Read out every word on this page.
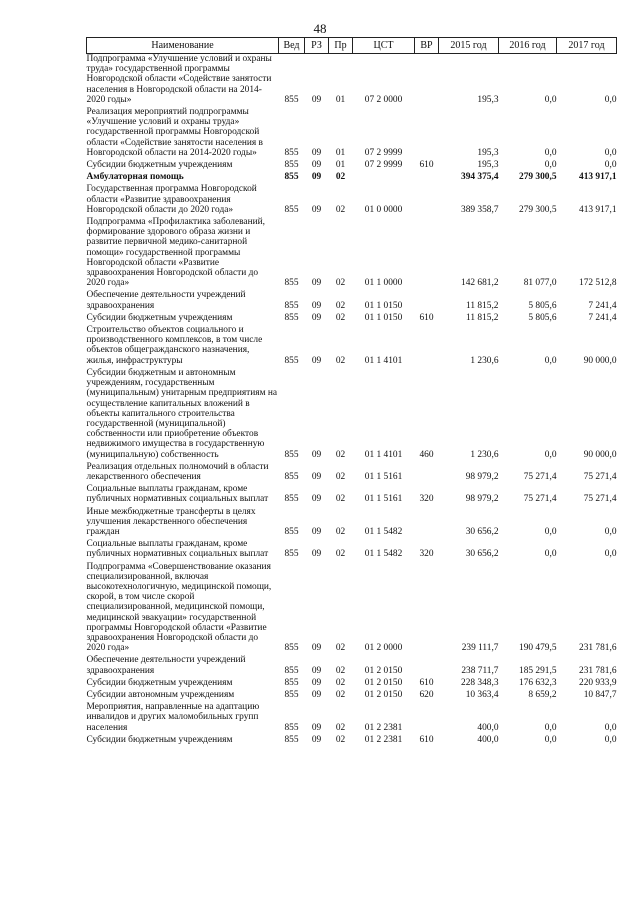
48
Наименование	Вед	РЗ	Пр	ЦСТ	ВР	2015 год	2016 год	2017 год
Подпрограмма «Улучшение условий и охраны труда» государственной программы Новгородской области «Содействие занятости населения в Новгородской области на 2014-2020 годы»	855	09	01	07 2 0000		195,3	0,0	0,0
Реализация мероприятий подпрограммы «Улучшение условий и охраны труда» государственной программы Новгородской области «Содействие занятости населения в Новгородской области на 2014-2020 годы»	855	09	01	07 2 9999		195,3	0,0	0,0
Субсидии бюджетным учреждениям	855	09	01	07 2 9999	610	195,3	0,0	0,0
Амбулаторная помощь	855	09	02			394 375,4	279 300,5	413 917,1
Государственная программа Новгородской области «Развитие здравоохранения Новгородской области до 2020 года»	855	09	02	01 0 0000		389 358,7	279 300,5	413 917,1
Подпрограмма «Профилактика заболеваний, формирование здорового образа жизни и развитие первичной медико-санитарной помощи» государственной программы Новгородской области «Развитие здравоохранения Новгородской области до 2020 года»	855	09	02	01 1 0000		142 681,2	81 077,0	172 512,8
Обеспечение деятельности учреждений здравоохранения	855	09	02	01 1 0150		11 815,2	5 805,6	7 241,4
Субсидии бюджетным учреждениям	855	09	02	01 1 0150	610	11 815,2	5 805,6	7 241,4
Строительство объектов социального и производственного комплексов, в том числе объектов общегражданского назначения, жилья, инфраструктуры	855	09	02	01 1 4101		1 230,6	0,0	90 000,0
Субсидии бюджетным и автономным учреждениям, государственным (муниципальным) унитарным предприятиям на осуществление капитальных вложений в объекты капитального строительства государственной (муниципальной) собственности или приобретение объектов недвижимого имущества в государственную (муниципальную) собственность	855	09	02	01 1 4101	460	1 230,6	0,0	90 000,0
Реализация отдельных полномочий в области лекарственного обеспечения	855	09	02	01 1 5161		98 979,2	75 271,4	75 271,4
Социальные выплаты гражданам, кроме публичных нормативных социальных выплат	855	09	02	01 1 5161	320	98 979,2	75 271,4	75 271,4
Иные межбюджетные трансферты в целях улучшения лекарственного обеспечения граждан	855	09	02	01 1 5482		30 656,2	0,0	0,0
Социальные выплаты гражданам, кроме публичных нормативных социальных выплат	855	09	02	01 1 5482	320	30 656,2	0,0	0,0
Подпрограмма «Совершенствование оказания специализированной, включая высокотехнологичную, медицинской помощи, скорой, в том числе скорой специализированной, медицинской помощи, медицинской эвакуации» государственной программы Новгородской области «Развитие здравоохранения Новгородской области до 2020 года»	855	09	02	01 2 0000		239 111,7	190 479,5	231 781,6
Обеспечение деятельности учреждений здравоохранения	855	09	02	01 2 0150		238 711,7	185 291,5	231 781,6
Субсидии бюджетным учреждениям	855	09	02	01 2 0150	610	228 348,3	176 632,3	220 933,9
Субсидии автономным учреждениям	855	09	02	01 2 0150	620	10 363,4	8 659,2	10 847,7
Мероприятия, направленные на адаптацию инвалидов и других маломобильных групп населения	855	09	02	01 2 2381		400,0	0,0	0,0
Субсидии бюджетным учреждениям	855	09	02	01 2 2381	610	400,0	0,0	0,0
